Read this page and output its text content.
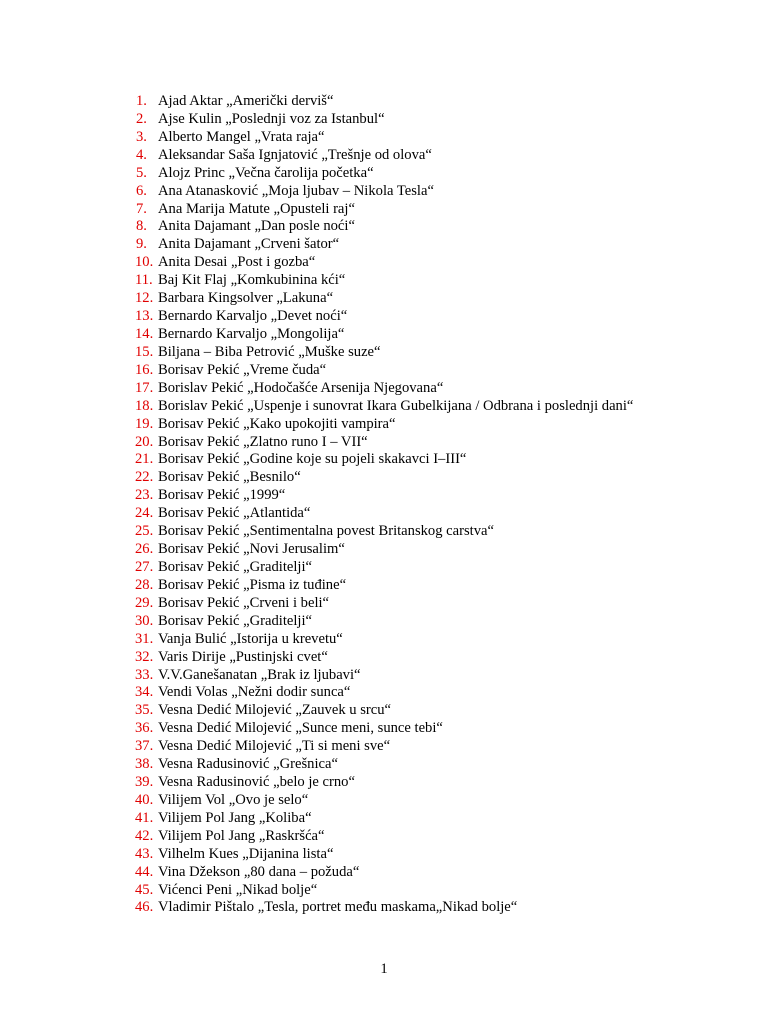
1. Ajad Aktar „Američki derviš“
2. Ajse Kulin „Poslednji voz za Istanbul“
3. Alberto Mangel „Vrata raja“
4. Aleksandar Saša Ignjatović „Trešnje od olova“
5. Alojz Princ „Večna čarolija početka“
6. Ana Atanasković „Moja ljubav – Nikola Tesla“
7. Ana Marija Matute „Opusteli raj“
8. Anita Dajamant „Dan posle noći“
9. Anita Dajamant „Crveni šator“
10. Anita Desai „Post i gozba“
11. Baj Kit Flaj „Komkubinina kći“
12. Barbara Kingsolver „Lakuna“
13. Bernardo Karvaljo „Devet noći“
14. Bernardo Karvaljo „Mongolija“
15. Biljana – Biba Petrović „Muške suze“
16. Borisav Pekić „Vreme čuda“
17. Borislav Pekić „Hodočašće Arsenija Njegovana“
18. Borislav Pekić „Uspenje i sunovrat Ikara Gubelkijana / Odbrana i poslednji dani“
19. Borisav Pekić „Kako upokojiti vampira“
20. Borisav Pekić „Zlatno runo I – VII“
21. Borisav Pekić „Godine koje su pojeli skakavci I–III“
22. Borisav Pekić „Besnilo“
23. Borisav Pekić „1999“
24. Borisav Pekić „Atlantida“
25. Borisav Pekić „Sentimentalna povest Britanskog carstva“
26. Borisav Pekić „Novi Jerusalim“
27. Borisav Pekić „Graditelji“
28. Borisav Pekić „Pisma iz tuđine“
29. Borisav Pekić „Crveni i beli“
30. Borisav Pekić „Graditelji“
31. Vanja Bulić „Istorija u krevetu“
32. Varis Dirije „Pustinjski cvet“
33. V.V.Ganešanatan „Brak iz ljubavi“
34. Vendi Volas „Nežni dodir sunca“
35. Vesna Dedić Milojević „Zauvek u srcu“
36. Vesna Dedić Milojević „Sunce meni, sunce tebi“
37. Vesna Dedić Milojević „Ti si meni sve“
38. Vesna Radusinović „Grešnica“
39. Vesna Radusinović „belo je crno“
40. Vilijem Vol „Ovo je selo“
41. Vilijem Pol Jang „Koliba“
42. Vilijem Pol Jang „Raskršća“
43. Vilhelm Kues „Dijanina lista“
44. Vina Džekson „80 dana – požuda“
45. Vićenci Peni „Nikad bolje“
46. Vladimir Pištalo „Tesla, portret među maskama„Nikad bolje“
1
